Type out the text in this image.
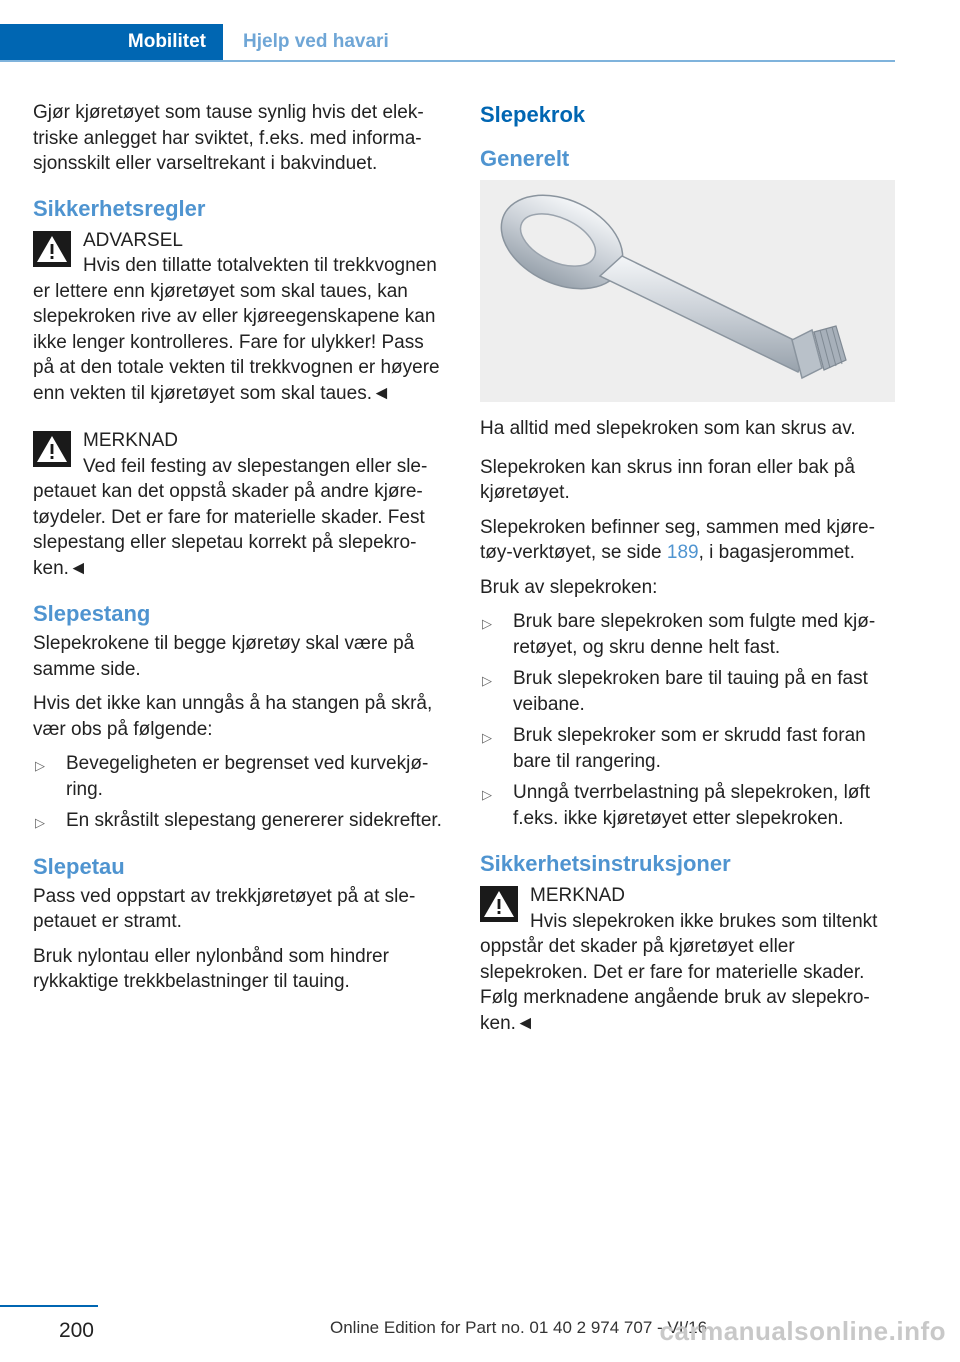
Mobilitet	Hjelp ved havari

Gjør kjøretøyet som tause synlig hvis det elektriske anlegget har sviktet, f.eks. med informasjonsskilt eller varseltrekant i bakvinduet.

Sikkerhetsregler
ADVARSEL
Hvis den tillatte totalvekten til trekkvognen er lettere enn kjøretøyet som skal taues, kan slepekroken rive av eller kjøreegenskapene kan ikke lenger kontrolleres. Fare for ulykker! Pass på at den totale vekten til trekkvognen er høyere enn vekten til kjøretøyet som skal taues.◄
MERKNAD
Ved feil festing av slepestangen eller slepetauet kan det oppstå skader på andre kjøretøydeler. Det er fare for materielle skader. Fest slepestang eller slepetau korrekt på slepekroken.◄
Slepestang

Slepekrokene til begge kjøretøy skal være på samme side.

Hvis det ikke kan unngås å ha stangen på skrå, vær obs på følgende:

▷ Bevegeligheten er begrenset ved kurvekjøring.
▷ En skråstilt slepestang genererer sidekrefter.
Slepetau

Pass ved oppstart av trekkjøretøyet på at slepetauet er stramt.

Bruk nylontau eller nylonbånd som hindrer rykkaktige trekkbelastninger til tauing.

Slepekrok
Generelt

Ha alltid med slepekroken som kan skrus av.

Slepekroken kan skrus inn foran eller bak på kjøretøyet.

Slepekroken befinner seg, sammen med kjøretøy-verktøyet, se side 189, i bagasjerommet.

Bruk av slepekroken:

▷ Bruk bare slepekroken som fulgte med kjøretøyet, og skru denne helt fast.
▷ Bruk slepekroken bare til tauing på en fast veibane.
▷ Bruk slepekroker som er skrudd fast foran bare til rangering.
▷ Unngå tverrbelastning på slepekroken, løft f.eks. ikke kjøretøyet etter slepekroken.
Sikkerhetsinstruksjoner
MERKNAD
Hvis slepekroken ikke brukes som tiltenkt oppstår det skader på kjøretøyet eller slepekroken. Det er fare for materielle skader. Følg merknadene angående bruk av slepekroken.◄
200	Online Edition for Part no. 01 40 2 974 707 - VI/16
carmanualsonline.info
